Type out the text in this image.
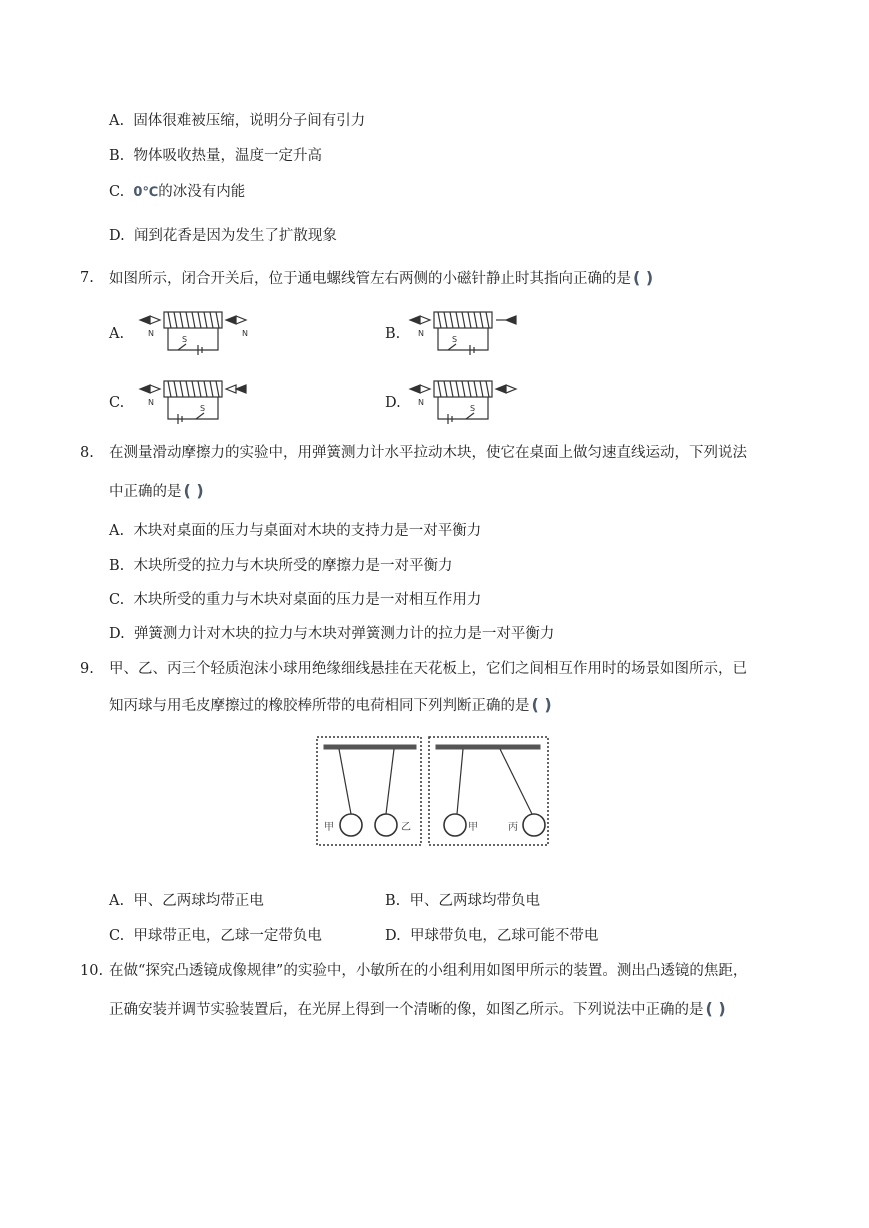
A. 固体很难被压缩，说明分子间有引力
B. 物体吸收热量，温度一定升高
C. 0℃的冰没有内能
D. 闻到花香是因为发生了扩散现象
7. 如图所示，闭合开关后，位于通电螺线管左右两侧的小磁针静止时其指向正确的是 ( )
A.	B.
C.	D.
N	N
S
N
S
N
S
N
S
8. 在测量滑动摩擦力的实验中，用弹簧测力计水平拉动木块，使它在桌面上做匀速直线运动，下列说法
中正确的是 ( )
A. 木块对桌面的压力与桌面对木块的支持力是一对平衡力
B. 木块所受的拉力与木块所受的摩擦力是一对平衡力
C. 木块所受的重力与木块对桌面的压力是一对相互作用力
D. 弹簧测力计对木块的拉力与木块对弹簧测力计的拉力是一对平衡力
9. 甲、乙、丙三个轻质泡沫小球用绝缘细线悬挂在天花板上，它们之间相互作用时的场景如图所示，已
知丙球与用毛皮摩擦过的橡胶棒所带的电荷相同下列判断正确的是 ( )
甲	乙	甲	丙
A. 甲、乙两球均带正电	B. 甲、乙两球均带负电
C. 甲球带正电，乙球一定带负电	D. 甲球带负电，乙球可能不带电
10. 在做“探究凸透镜成像规律”的实验中，小敏所在的小组利用如图甲所示的装置。测出凸透镜的焦距，
正确安装并调节实验装置后，在光屏上得到一个清晰的像，如图乙所示。下列说法中正确的是 ( )
